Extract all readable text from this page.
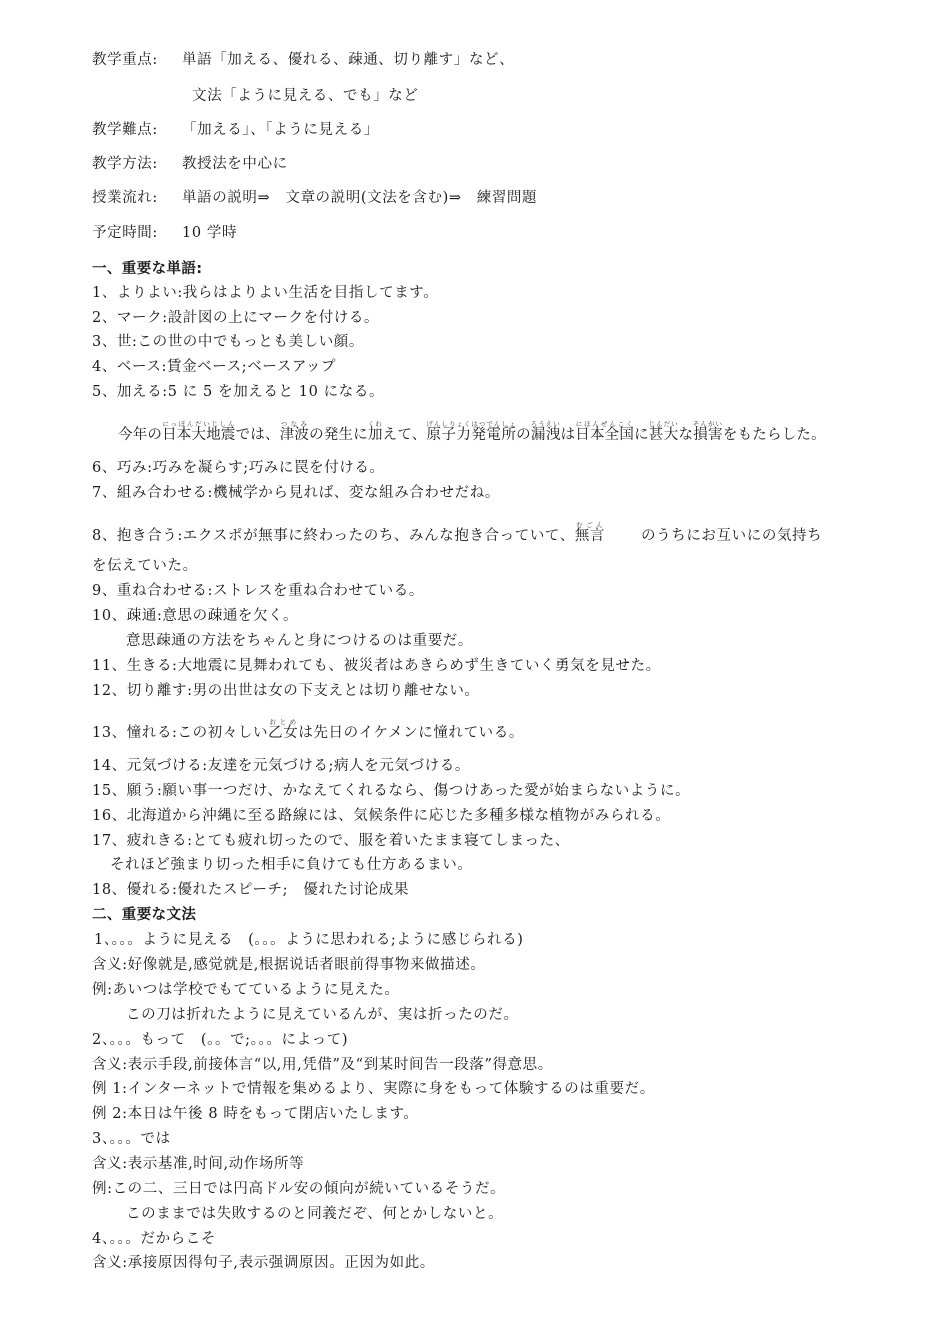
教学重点: 単語「加える、優れる、疎通、切り離す」など、
文法「ように見える、でも」など
教学難点: 「加える」、「ように見える」
教学方法: 教授法を中心に
授業流れ: 単語の説明⇒　文章の説明(文法を含む)⇒　練習問題
予定時間: 10 学時
一、重要な単語:
1、よりよい:我らはよりよい生活を目指してます。
2、マーク:設計図の上にマークを付ける。
3、世:この世の中でもっとも美しい顔。
4、ベース:賃金ベース;ベースアップ
5、加える:5 に 5 を加えると 10 になる。
今年の日本大地震にっぽんだいじしんでは、津波つなみの発生に加くわえて、原子力発電所げんしりょくはつでんしょの漏洩ろうえいは日本全国にほんぜんこくに甚大じんだいな損害そんがいをもたらした。
6、巧み:巧みを凝らす;巧みに罠を付ける。
7、組み合わせる:機械学から見れば、変な組み合わせだね。
8、抱き合う:エクスポが無事に終わったのち、みんな抱き合っていて、無言むごんのうちにお互いにの気持ち
を伝えていた。
9、重ね合わせる:ストレスを重ね合わせている。
10、疎通:意思の疎通を欠く。
意思疎通の方法をちゃんと身につけるのは重要だ。
11、生きる:大地震に見舞われても、被災者はあきらめず生きていく勇気を見せた。
12、切り離す:男の出世は女の下支えとは切り離せない。
13、憧れる:この初々しい乙女おとめは先日のイケメンに憧れている。
14、元気づける:友達を元気づける;病人を元気づける。
15、願う:願い事一つだけ、かなえてくれるなら、傷つけあった愛が始まらないように。
16、北海道から沖縄に至る路線には、気候条件に応じた多種多様な植物がみられる。
17、疲れきる:とても疲れ切ったので、服を着いたまま寝てしまった、
それほど強まり切った相手に負けても仕方あるまい。
18、優れる:優れたスピーチ;　優れた讨论成果
二、重要な文法
1、。。。ように見える　(。。。ように思われる;ように感じられる)
含义:好像就是,感觉就是,根据说话者眼前得事物来做描述。
例:あいつは学校でもてているように見えた。
この刀は折れたように見えているんが、実は折ったのだ。
2、。。。もって　(。。で;。。。によって)
含义:表示手段,前接体言“以,用,凭借”及“到某时间告一段落”得意思。
例 1:インターネットで情報を集めるより、実際に身をもって体験するのは重要だ。
例 2:本日は午後 8 時をもって閉店いたします。
3、。。。では
含义:表示基准,时间,动作场所等
例:この二、三日では円高ドル安の傾向が続いているそうだ。
このままでは失敗するのと同義だぞ、何とかしないと。
4、。。。だからこそ
含义:承接原因得句子,表示强调原因。正因为如此。
